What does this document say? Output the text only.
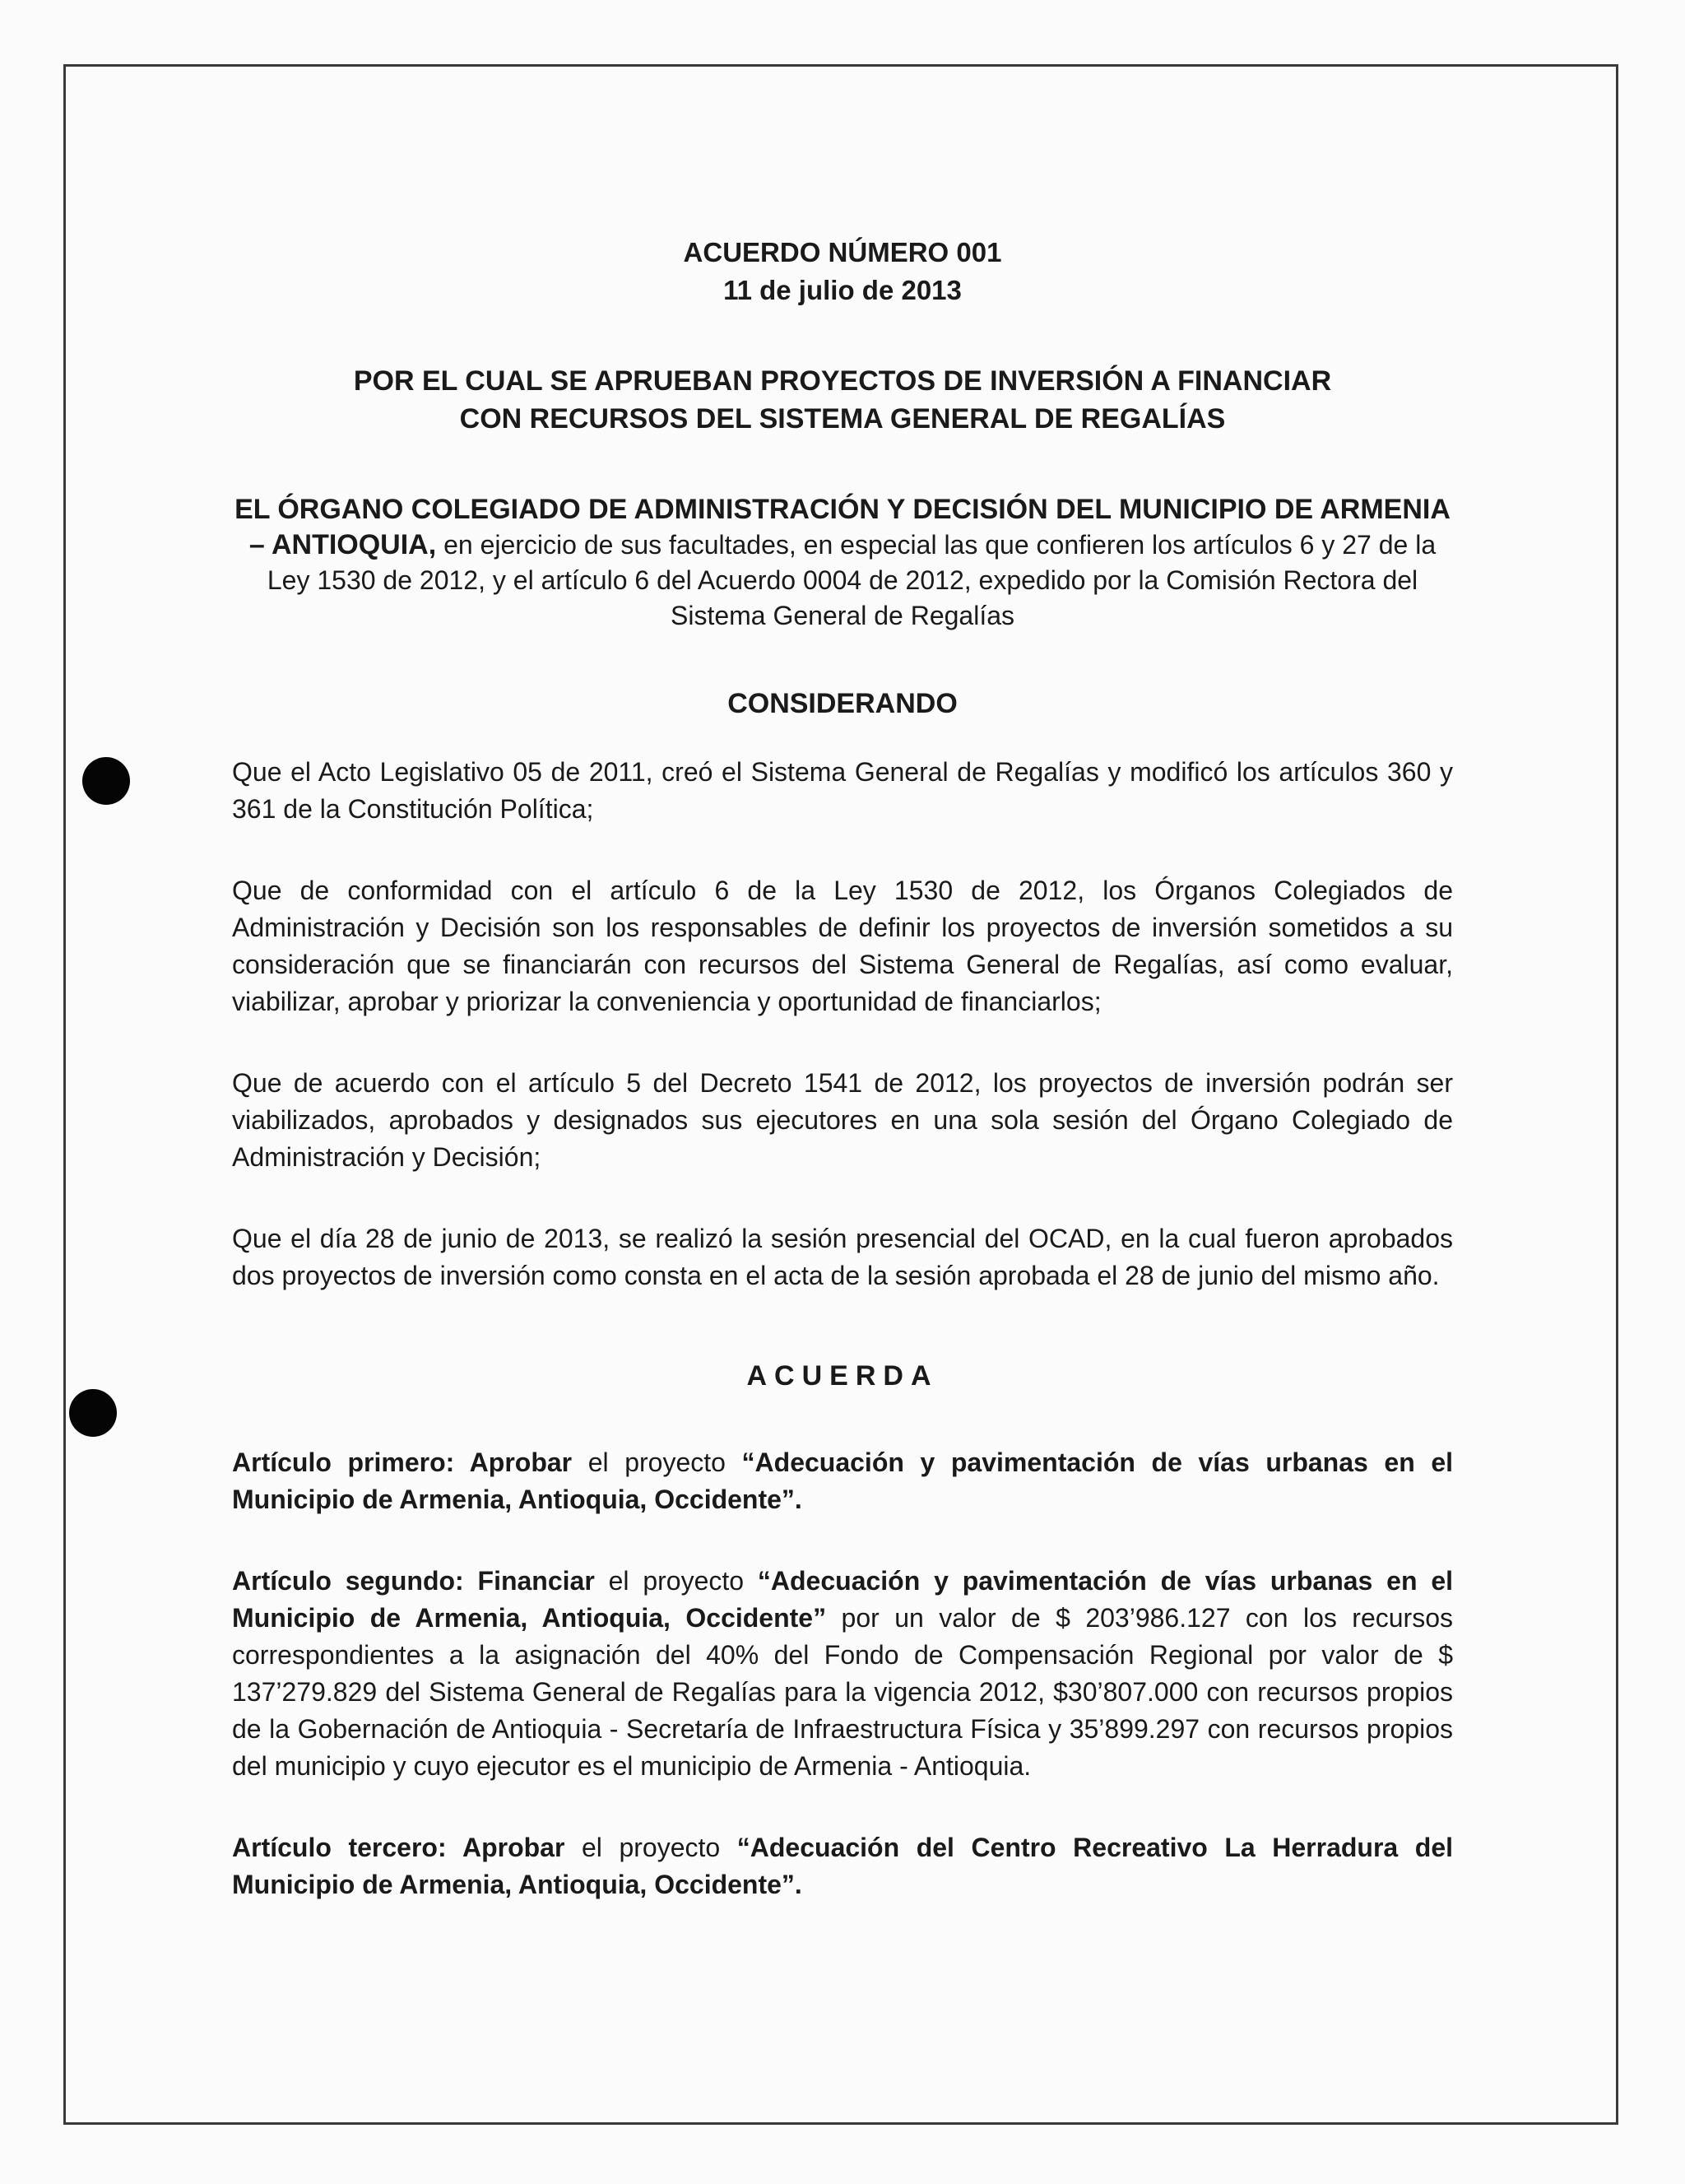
ACUERDO NÚMERO 001
11 de julio de 2013
POR EL CUAL SE APRUEBAN PROYECTOS DE INVERSIÓN A FINANCIAR
CON RECURSOS DEL SISTEMA GENERAL DE REGALÍAS
EL ÓRGANO COLEGIADO DE ADMINISTRACIÓN Y DECISIÓN DEL MUNICIPIO DE ARMENIA – ANTIOQUIA, en ejercicio de sus facultades, en especial las que confieren los artículos 6 y 27 de la Ley 1530 de 2012, y el artículo 6 del Acuerdo 0004 de 2012, expedido por la Comisión Rectora del Sistema General de Regalías
CONSIDERANDO

Que el Acto Legislativo 05 de 2011, creó el Sistema General de Regalías y modificó los artículos 360 y 361 de la Constitución Política;

Que de conformidad con el artículo 6 de la Ley 1530 de 2012, los Órganos Colegiados de Administración y Decisión son los responsables de definir los proyectos de inversión sometidos a su consideración que se financiarán con recursos del Sistema General de Regalías, así como evaluar, viabilizar, aprobar y priorizar la conveniencia y oportunidad de financiarlos;

Que de acuerdo con el artículo 5 del Decreto 1541 de 2012, los proyectos de inversión podrán ser viabilizados, aprobados y designados sus ejecutores en una sola sesión del Órgano Colegiado de Administración y Decisión;

Que el día 28 de junio de 2013, se realizó la sesión presencial del OCAD, en la cual fueron aprobados dos proyectos de inversión como consta en el acta de la sesión aprobada el 28 de junio del mismo año.

ACUERDA

Artículo primero: Aprobar el proyecto “Adecuación y pavimentación de vías urbanas en el Municipio de Armenia, Antioquia, Occidente”.

Artículo segundo: Financiar el proyecto “Adecuación y pavimentación de vías urbanas en el Municipio de Armenia, Antioquia, Occidente” por un valor de $ 203’986.127 con los recursos correspondientes a la asignación del 40% del Fondo de Compensación Regional por valor de $ 137’279.829 del Sistema General de Regalías para la vigencia 2012, $30’807.000 con recursos propios de la Gobernación de Antioquia - Secretaría de Infraestructura Física y 35’899.297 con recursos propios del municipio y cuyo ejecutor es el municipio de Armenia - Antioquia.

Artículo tercero: Aprobar el proyecto “Adecuación del Centro Recreativo La Herradura del Municipio de Armenia, Antioquia, Occidente”.
